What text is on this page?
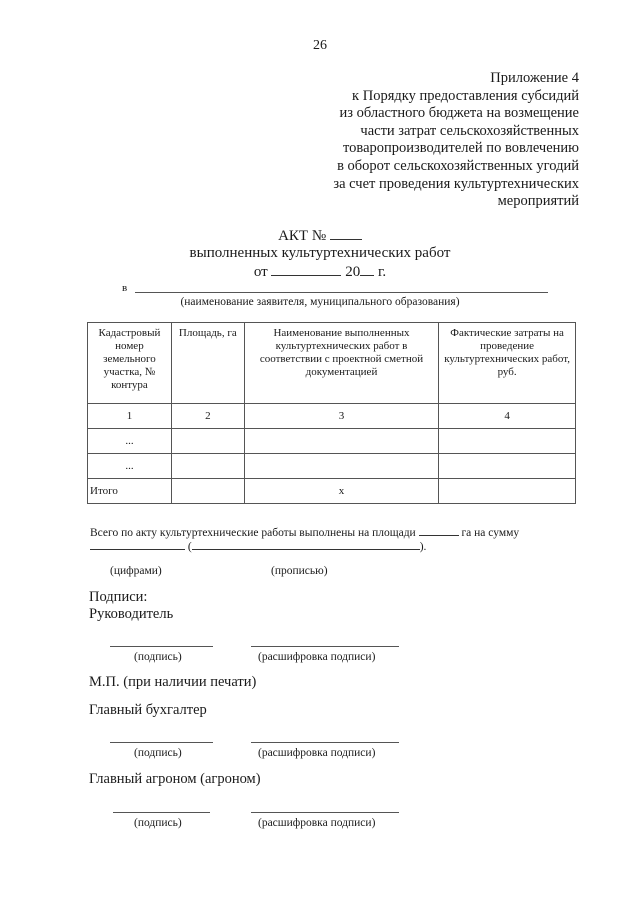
26
Приложение 4
к Порядку предоставления субсидий
из областного бюджета на возмещение
части затрат сельскохозяйственных
товаропроизводителей по вовлечению
в оборот сельскохозяйственных угодий
за счет проведения культуртехнических
мероприятий
АКТ №
выполненных культуртехнических работ
от	20 г.
в
(наименование заявителя, муниципального образования)
Кадастровый номер земельного участка, № контура	Площадь, га	Наименование выполненных культуртехнических работ в соответствии с проектной сметной документацией	Фактические затраты на проведение культуртехнических работ, руб.
1	2	3	4
...			
...			
Итого		x	
Всего по акту культуртехнические работы выполнены на площади	га на сумму
(	).
(цифрами)	(прописью)
Подписи:
Руководитель
(подпись)	(расшифровка подписи)
М.П. (при наличии печати)
Главный бухгалтер
(подпись)	(расшифровка подписи)
Главный агроном (агроном)
(подпись)	(расшифровка подписи)
